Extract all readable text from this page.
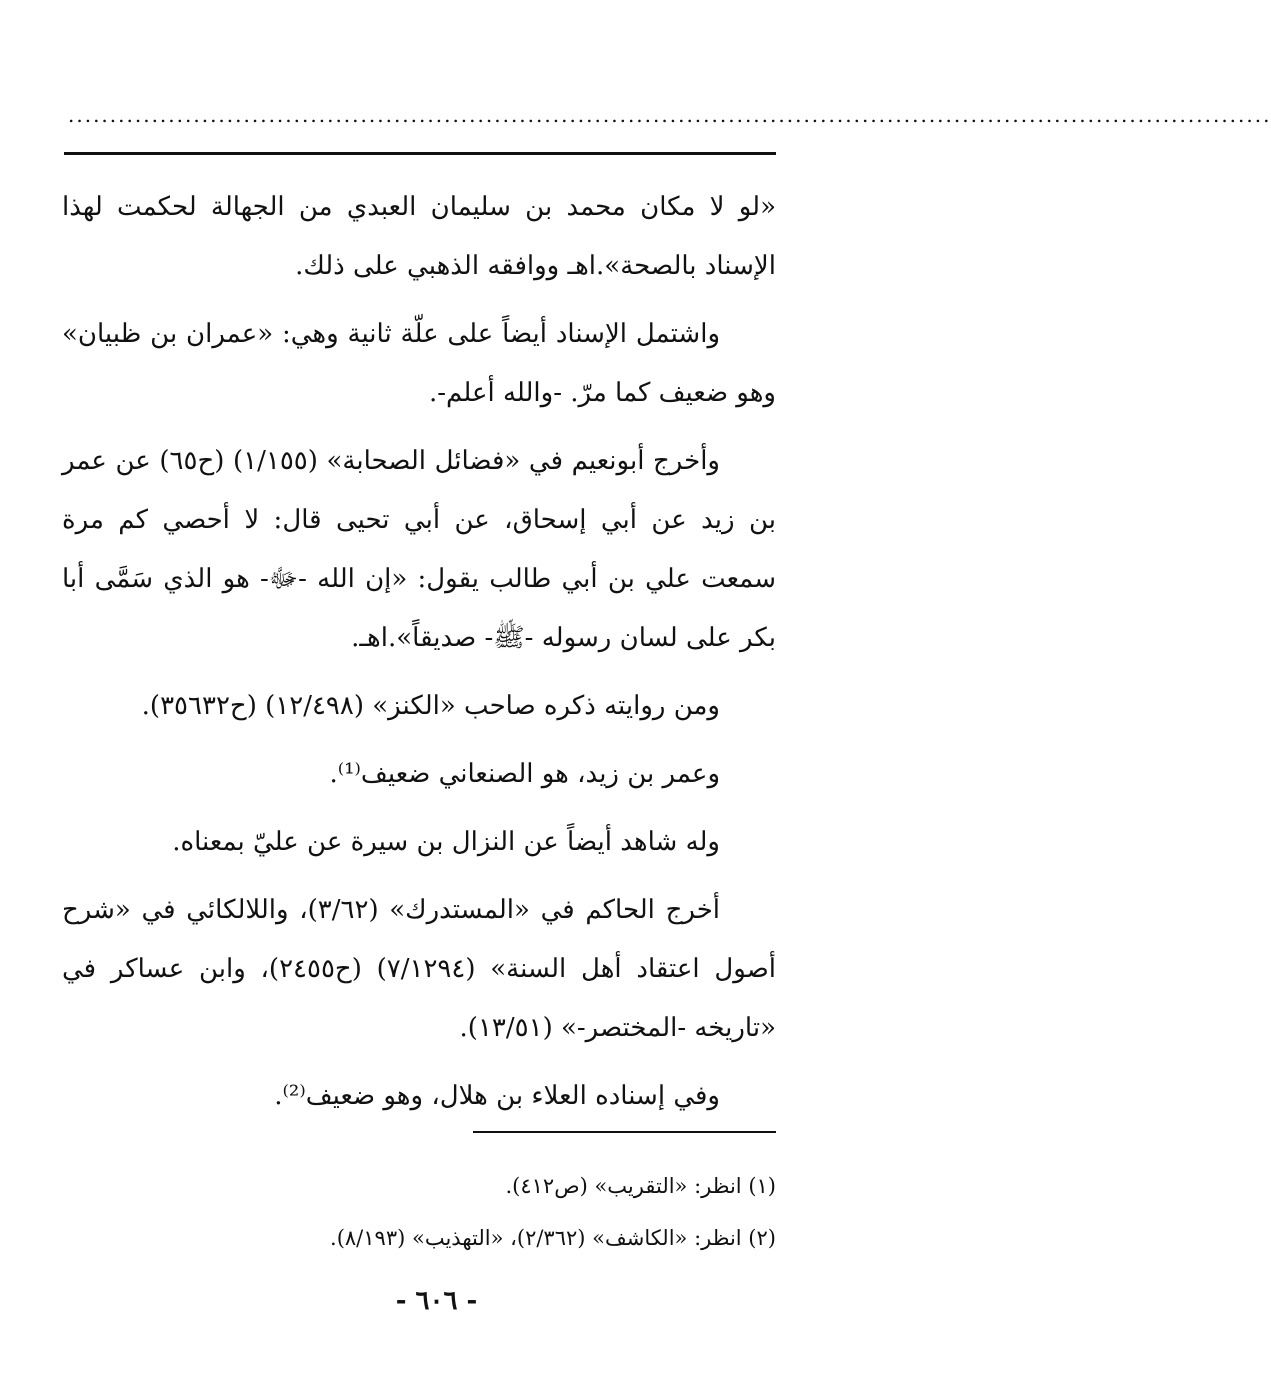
................................................................................................................................................

«لو لا مكان محمد بن سليمان العبدي من الجهالة لحكمت لهذا الإسناد بالصحة».اهـ ووافقه الذهبي على ذلك.

واشتمل الإسناد أيضاً على علّة ثانية وهي: «عمران بن ظبيان» وهو ضعيف كما مرّ. -والله أعلم-.

وأخرج أبونعيم في «فضائل الصحابة» (١/١٥٥) (ح٦٥) عن عمر بن زيد عن أبي إسحاق، عن أبي تحيى قال: لا أحصي كم مرة سمعت علي بن أبي طالب يقول: «إن الله -ﷻ- هو الذي سَمَّى أبا بكر على لسان رسوله -ﷺ- صديقاً».اهـ.

ومن روايته ذكره صاحب «الكنز» (١٢/٤٩٨) (ح٣٥٦٣٢).

وعمر بن زيد، هو الصنعاني ضعيف⁽¹⁾.

وله شاهد أيضاً عن النزال بن سيرة عن عليّ بمعناه.

أخرج الحاكم في «المستدرك» (٣/٦٢)، واللالكائي في «شرح أصول اعتقاد أهل السنة» (٧/١٢٩٤) (ح٢٤٥٥)، وابن عساكر في «تاريخه -المختصر-» (١٣/٥١).

وفي إسناده العلاء بن هلال، وهو ضعيف⁽²⁾.

(١) انظر: «التقريب» (ص٤١٢).

(٢) انظر: «الكاشف» (٢/٣٦٢)، «التهذيب» (٨/١٩٣).

- ٦٠٦ -
